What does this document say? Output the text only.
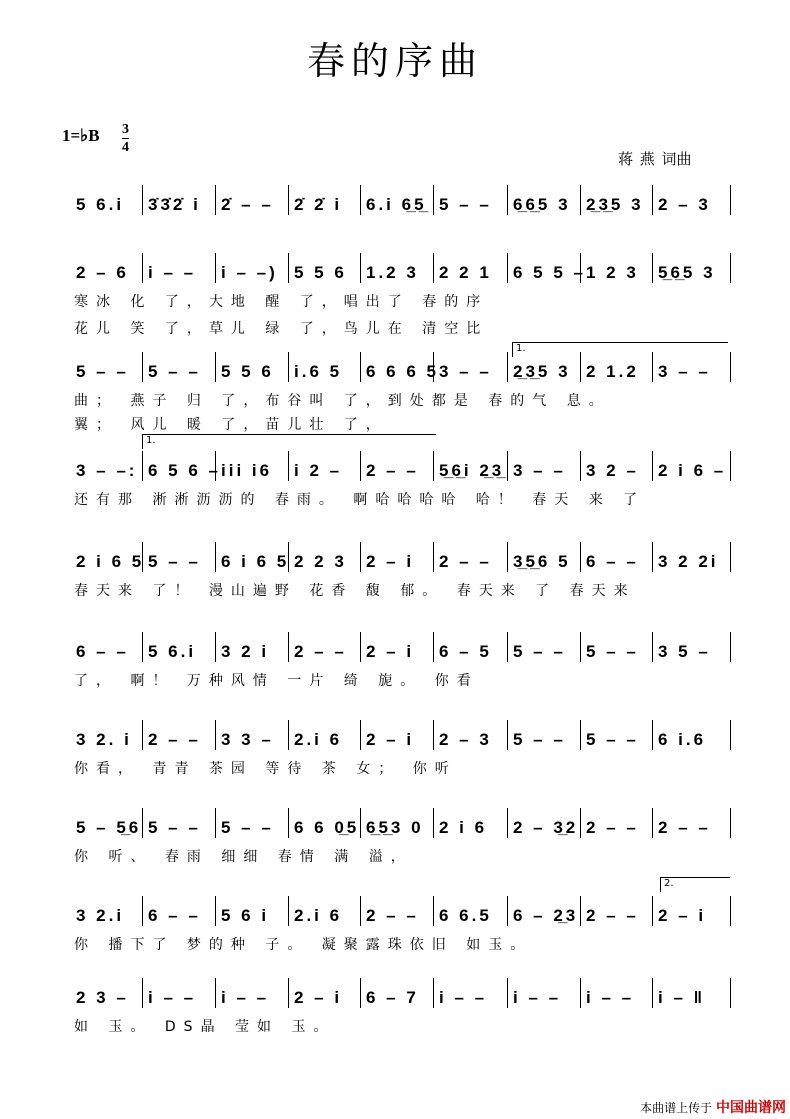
春的序曲
1=♭B 3
4
蒋 燕 词曲
5 6.i 3̇3̇2̇ i 2̇ – – 2̇ 2̇ i 6.i 6̲5̲ 5 – – 6̲6̲5 3 2̲3̲5 3 2 – 3
2 – 6 i – – i – –) 5 5 6 1.2 3 2 2 1 6 5 5 – 1 2 3 5̲6̲5 3
寒冰 化 了，大地 醒 了，唱出了 春的序
花儿 笑 了，草儿 绿 了，鸟儿在 清空比
5 – – 5 – – 5 5 6 i.6 5 6 6 6 5 3 – – 2̲3̲5 3 2 1.2 3 – –
曲； 燕子 归 了，布谷叫 了，到处都是 春的气 息。
翼； 风儿 暖 了，苗儿壮 了，
3 – –: 6 5 6 – iii i6 i 2 – 2 – – 5̲6̲i 2̲3̲ 3 – – 3 2 – 2 i 6 –
还有那 淅淅沥沥的 春雨。 啊哈哈哈哈 哈！ 春天 来 了
2 i 6 5 5 – – 6 i 6 5 2 2 3 2 – i 2 – – 3̲5̲6 5 6 – – 3 2 2i
春天来 了！ 漫山遍野 花香 馥 郁。 春天来 了 春天来
6 – – 5 6.i 3 2 i 2 – – 2 – i 6 – 5 5 – – 5 – – 3 5 –
了， 啊！ 万种风情 一片 绮 旎。 你看
3 2. i 2 – – 3 3 – 2.i 6 2 – i 2 – 3 5 – – 5 – – 6 i.6
你看， 青青 茶园 等待 茶 女； 你听
5 – 5̲6 5 – – 5 – – 6 6 0̲5 6̲5̲3 0 2 i 6 2 – 3̲2 2 – – 2 – –
你 听、 春雨 细细 春情 满 溢，
3 2.i 6 – – 5 6 i 2.i 6 2 – – 6 6.5 6 – 2̲3 2 – – 2 – i
你 播下了 梦的种 子。 凝聚露珠依旧 如玉。
2 3 – i – – i – – 2 – i 6 – 7 i – – i – – i – – i – ‖
如 玉。 DS晶 莹如 玉。
1.
1.
2.
本曲谱上传于 中国曲谱网
